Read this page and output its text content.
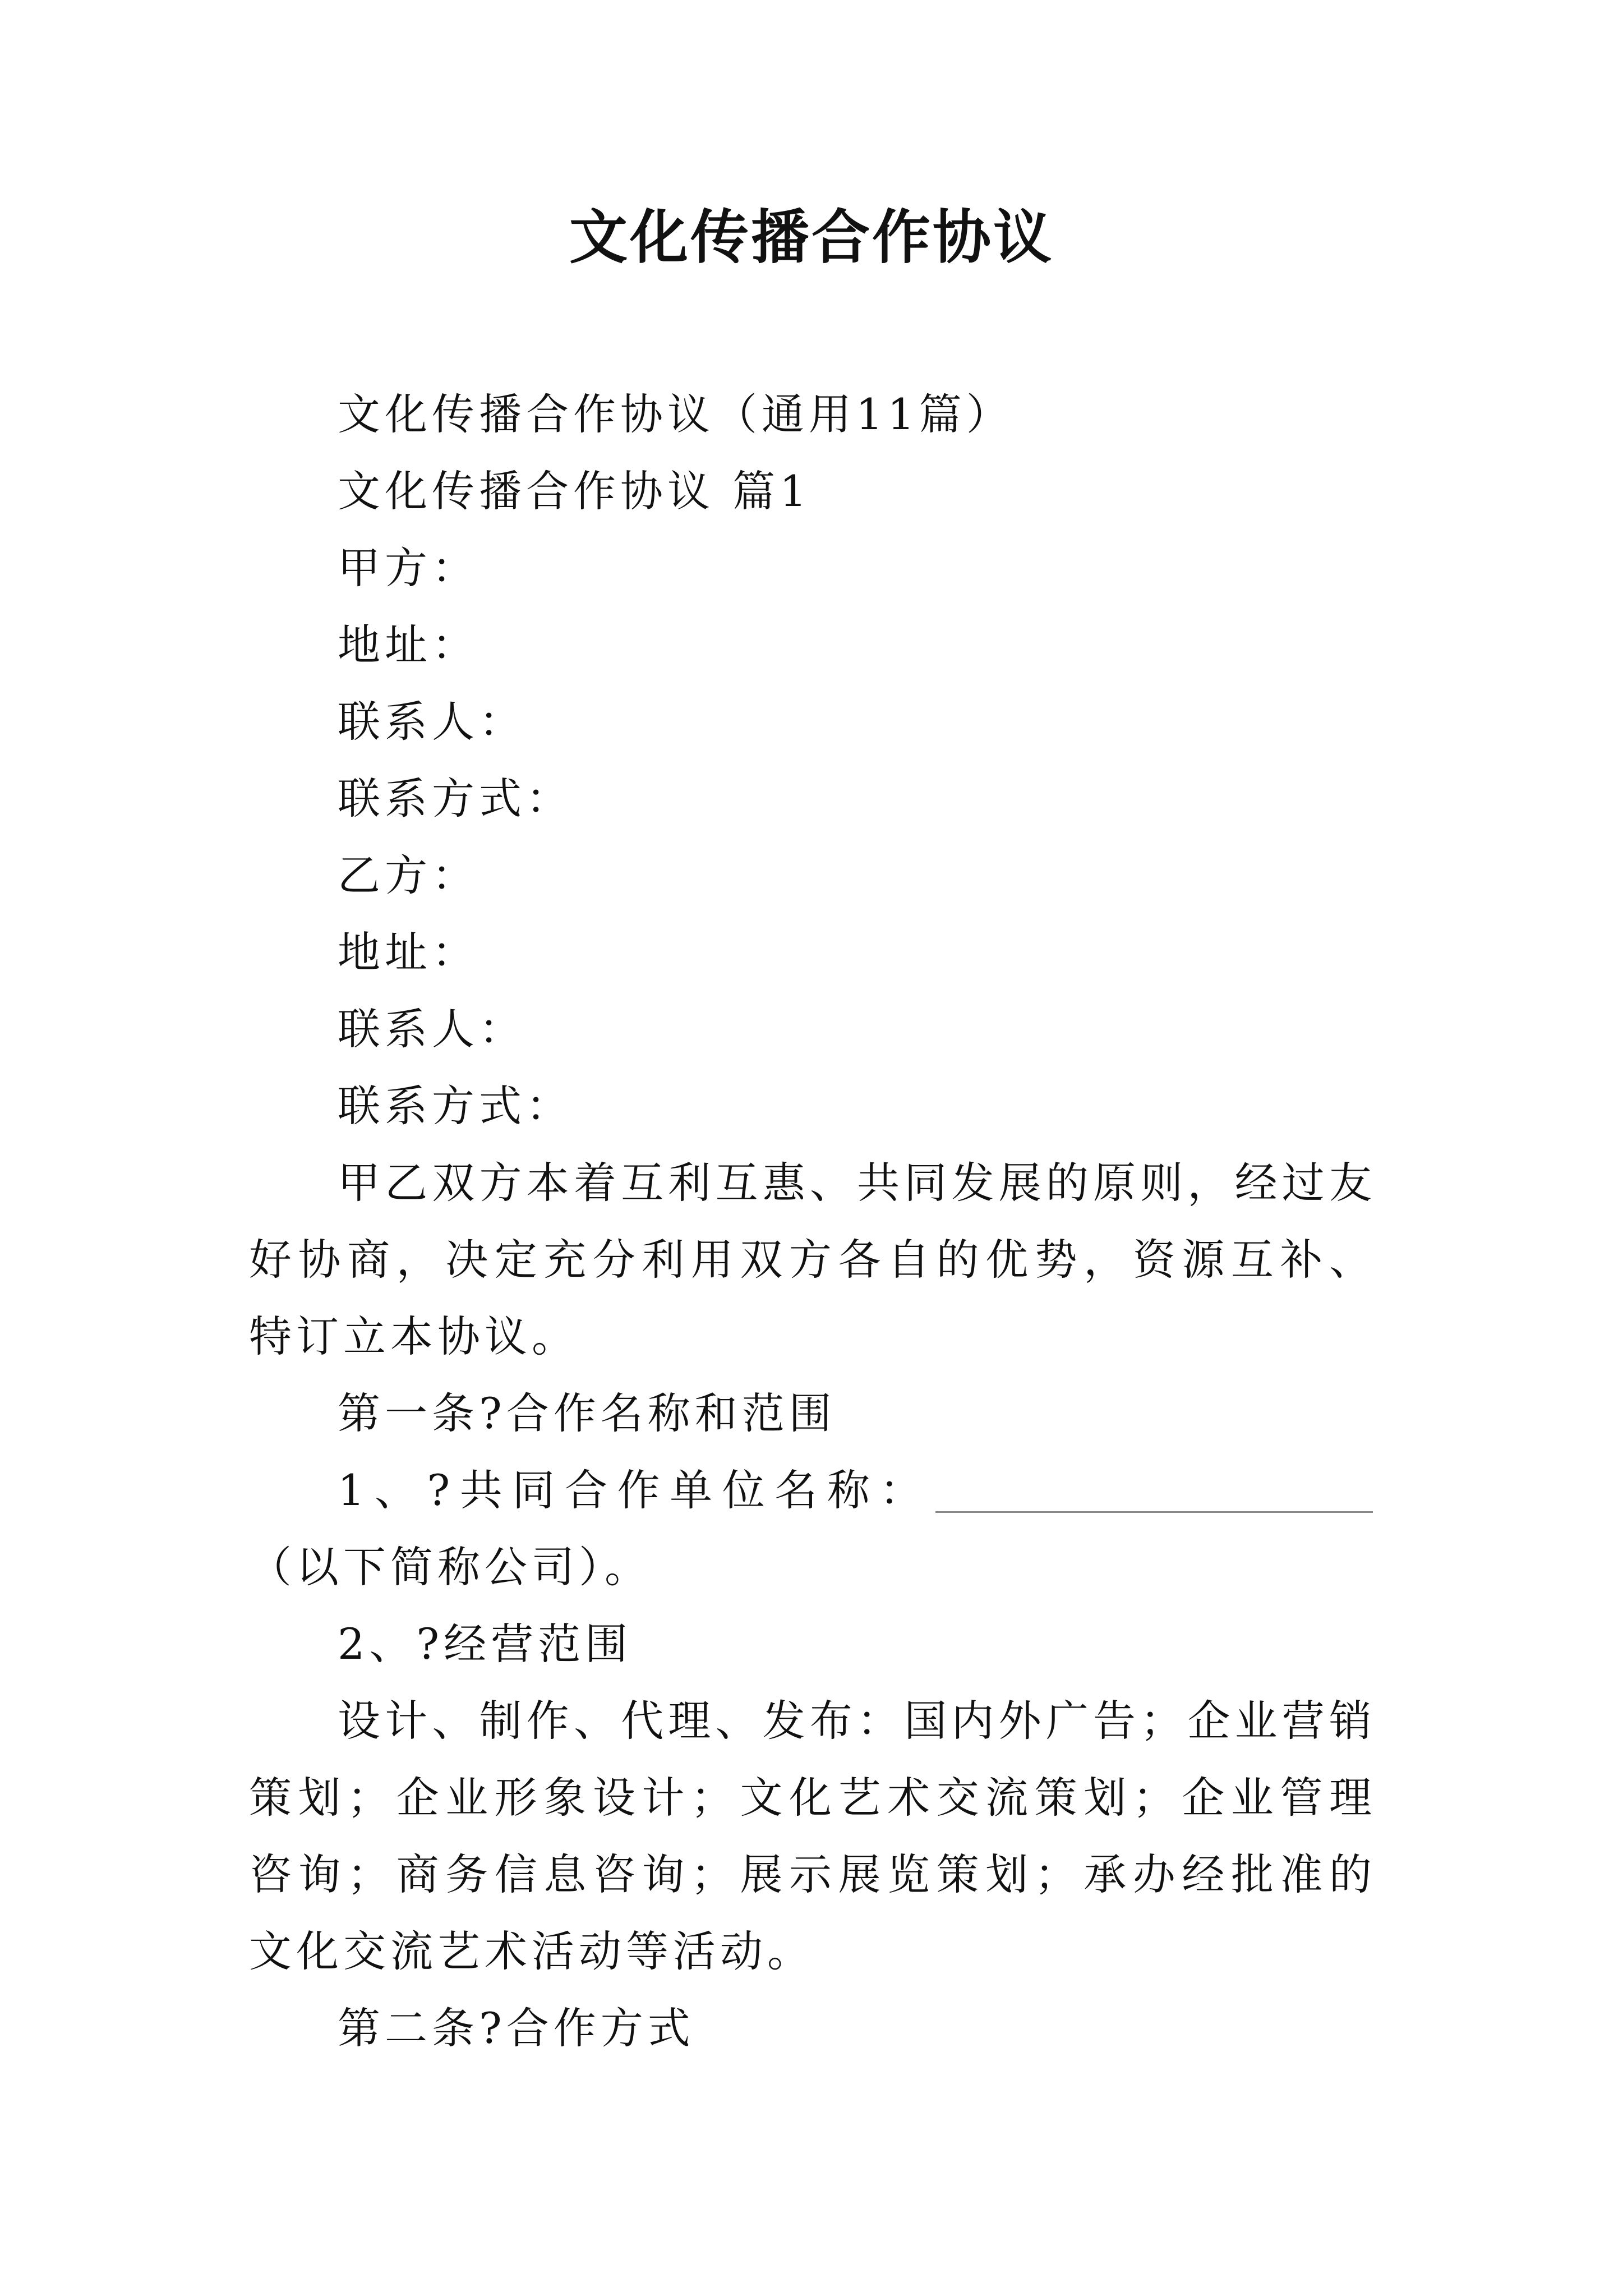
文化传播合作协议

文化传播合作协议（通用11篇）

文化传播合作协议 篇1

甲方：

地址：

联系人：

联系方式：

乙方：

地址：

联系人：

联系方式：

甲乙双方本着互利互惠、共同发展的原则，经过友好协商，决定充分利用双方各自的优势，资源互补、特订立本协议。

第一条?合作名称和范围

1、?共同合作单位名称：（以下简称公司）。

2、?经营范围

设计、制作、代理、发布：国内外广告；企业营销策划；企业形象设计；文化艺术交流策划；企业管理咨询；商务信息咨询；展示展览策划；承办经批准的文化交流艺术活动等活动。

第二条?合作方式
